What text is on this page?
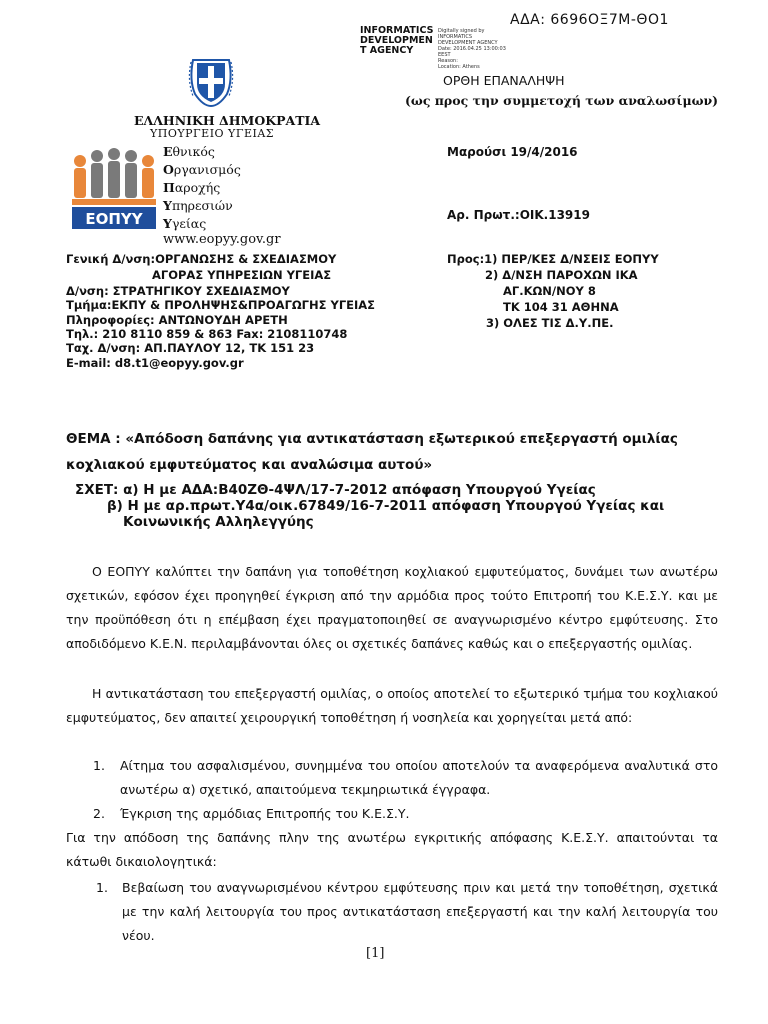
ΑΔΑ: 6696ΟΞ7Μ-ΘΟ1
INFORMATICS
DEVELOPMEN
T AGENCY
Digitally signed by
INFORMATICS
DEVELOPMENT AGENCY
Date: 2016.04.25 13:00:03
EEST
Reason:
Location: Athens
ΟΡΘΗ ΕΠΑΝΑΛΗΨΗ
(ως προς την συμμετοχή των αναλωσίμων)
ΕΛΛΗΝΙΚΗ ΔΗΜΟΚΡΑΤΙΑ
ΥΠΟΥΡΓΕΙΟ ΥΓΕΙΑΣ
ΕΟΠΥΥ
Εθνικός
Οργανισμός
Παροχής
Υπηρεσιών
Υγείας
www.eopyy.gov.gr
Μαρούσι 19/4/2016
Αρ. Πρωτ.:ΟΙΚ.13919
Γενική Δ/νση:ΟΡΓΑΝΩΣΗΣ & ΣΧΕΔΙΑΣΜΟΥ
ΑΓΟΡΑΣ ΥΠΗΡΕΣΙΩΝ ΥΓΕΙΑΣ
Δ/νση: ΣΤΡΑΤΗΓΙΚΟΥ ΣΧΕΔΙΑΣΜΟΥ
Τμήμα:ΕΚΠΥ & ΠΡΟΛΗΨΗΣ&ΠΡΟΑΓΩΓΗΣ ΥΓΕΙΑΣ
Πληροφορίες: ΑΝΤΩΝΟΥΔΗ ΑΡΕΤΗ
Τηλ.: 210 8110 859 & 863 Fax: 2108110748
Ταχ. Δ/νση: ΑΠ.ΠΑΥΛΟΥ 12, ΤΚ 151 23
E-mail: d8.t1@eopyy.gov.gr
Προς:1) ΠΕΡ/ΚΕΣ Δ/ΝΣΕΙΣ ΕΟΠΥΥ
2) Δ/ΝΣΗ ΠΑΡΟΧΩΝ ΙΚΑ
ΑΓ.ΚΩΝ/ΝΟΥ 8
ΤΚ 104 31 ΑΘΗΝΑ
3) ΟΛΕΣ ΤΙΣ Δ.Υ.ΠΕ.
ΘΕΜΑ : «Απόδοση δαπάνης για αντικατάσταση εξωτερικού επεξεργαστή ομιλίας
κοχλιακού εμφυτεύματος και αναλώσιμα αυτού»
ΣΧΕΤ: α) Η με ΑΔΑ:Β40ΖΘ-4ΨΛ/17-7-2012 απόφαση Υπουργού Υγείας
β) Η με αρ.πρωτ.Υ4α/οικ.67849/16-7-2011 απόφαση Υπουργού Υγείας και
Κοινωνικής Αλληλεγγύης
Ο ΕΟΠΥΥ καλύπτει την δαπάνη για τοποθέτηση κοχλιακού εμφυτεύματος, δυνάμει των ανωτέρω σχετικών, εφόσον έχει προηγηθεί έγκριση από την αρμόδια προς τούτο Επιτροπή του Κ.Ε.Σ.Υ. και με την προϋπόθεση ότι η επέμβαση έχει πραγματοποιηθεί σε αναγνωρισμένο κέντρο εμφύτευσης. Στο αποδιδόμενο Κ.Ε.Ν. περιλαμβάνονται όλες οι σχετικές δαπάνες καθώς και ο επεξεργαστής ομιλίας.
Η αντικατάσταση του επεξεργαστή ομιλίας, ο οποίος αποτελεί το εξωτερικό τμήμα του κοχλιακού εμφυτεύματος, δεν απαιτεί χειρουργική τοποθέτηση ή νοσηλεία και χορηγείται μετά από:
1. Αίτημα του ασφαλισμένου, συνημμένα του οποίου αποτελούν τα αναφερόμενα αναλυτικά στο ανωτέρω α) σχετικό, απαιτούμενα τεκμηριωτικά έγγραφα.
2. Έγκριση της αρμόδιας Επιτροπής του Κ.Ε.Σ.Υ.
Για την απόδοση της δαπάνης πλην της ανωτέρω εγκριτικής απόφασης Κ.Ε.Σ.Υ. απαιτούνται τα κάτωθι δικαιολογητικά:
1. Βεβαίωση του αναγνωρισμένου κέντρου εμφύτευσης πριν και μετά την τοποθέτηση, σχετικά με την καλή λειτουργία του προς αντικατάσταση επεξεργαστή και την καλή λειτουργία του νέου.
[1]
